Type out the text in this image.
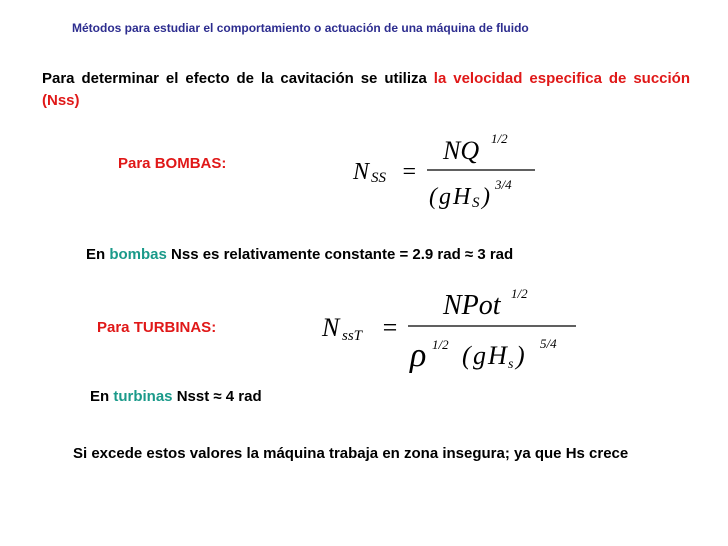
Métodos para estudiar el comportamiento o actuación de una máquina de fluido
Para determinar el efecto de la cavitación se utiliza la velocidad especifica de succión (Nss)
Para BOMBAS:	N SS =
NQ 1/2
( g H S ) 3/4
En bombas Nss es relativamente constante = 2.9 rad ≈ 3 rad
Para TURBINAS:	N ssT =
NPot 1/2
ρ 1/2 ( g H s ) 5/4
En turbinas Nsst ≈ 4 rad
Si excede estos valores la máquina trabaja en zona insegura; ya que Hs crece
